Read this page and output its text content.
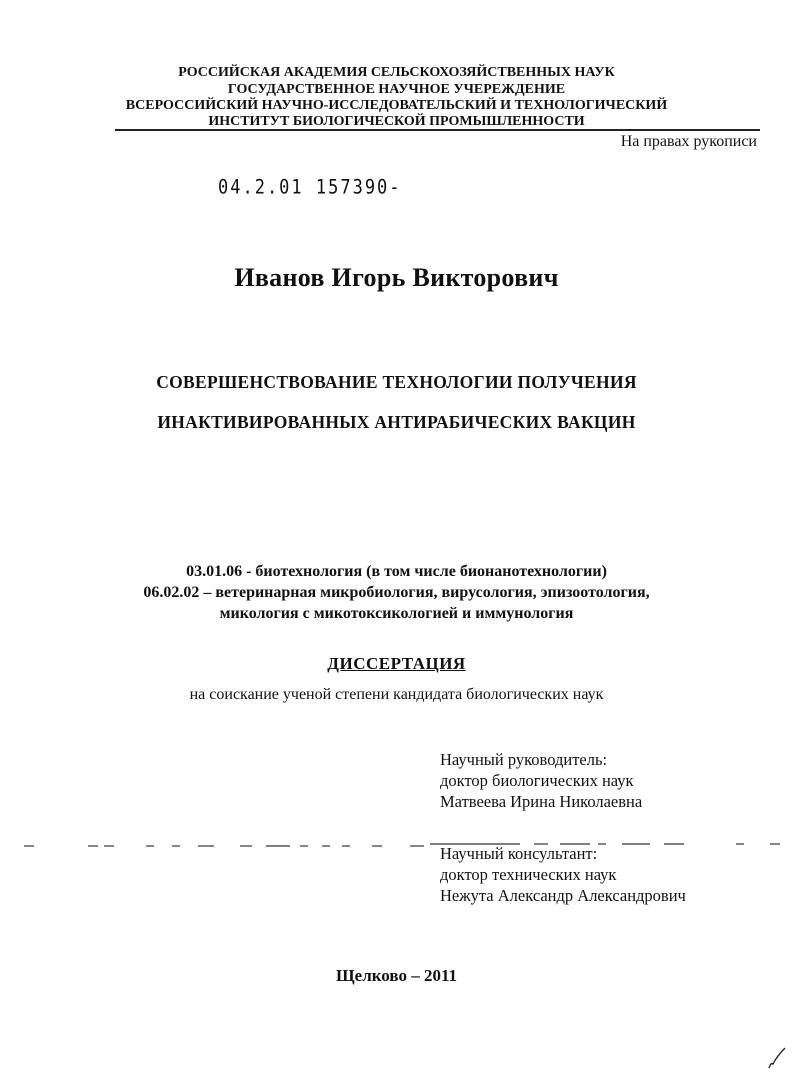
РОССИЙСКАЯ АКАДЕМИЯ СЕЛЬСКОХОЗЯЙСТВЕННЫХ НАУК
ГОСУДАРСТВЕННОЕ НАУЧНОЕ УЧЕРЕЖДЕНИЕ
ВСЕРОССИЙСКИЙ НАУЧНО-ИССЛЕДОВАТЕЛЬСКИЙ И ТЕХНОЛОГИЧЕСКИЙ
ИНСТИТУТ БИОЛОГИЧЕСКОЙ ПРОМЫШЛЕННОСТИ
На правах рукописи
04.2.01 157390-
Иванов Игорь Викторович
СОВЕРШЕНСТВОВАНИЕ ТЕХНОЛОГИИ ПОЛУЧЕНИЯ
ИНАКТИВИРОВАННЫХ АНТИРАБИЧЕСКИХ ВАКЦИН
03.01.06 - биотехнология (в том числе бионанотехнологии)
06.02.02 – ветеринарная микробиология, вирусология, эпизоотология,
микология с микотоксикологией и иммунология
ДИССЕРТАЦИЯ
на соискание ученой степени кандидата биологических наук
Научный руководитель:
доктор биологических наук
Матвеева Ирина Николаевна
Научный консультант:
доктор технических наук
Нежута Александр Александрович
Щелково – 2011
